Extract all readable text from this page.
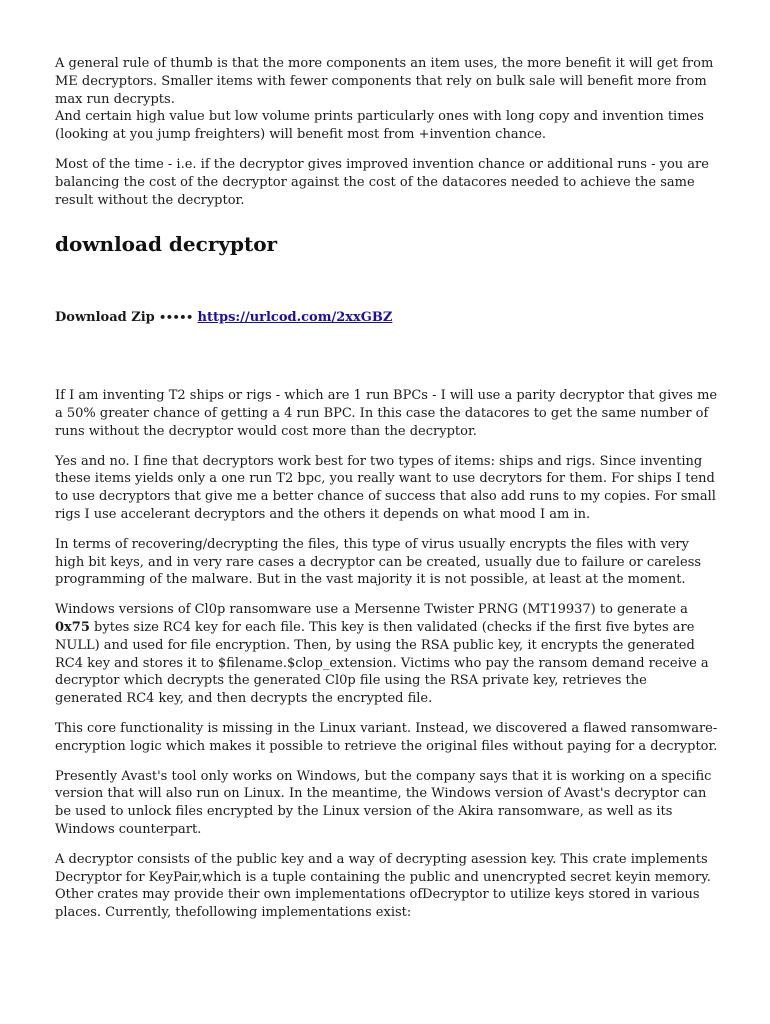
A general rule of thumb is that the more components an item uses, the more benefit it will get from ME decryptors. Smaller items with fewer components that rely on bulk sale will benefit more from max run decrypts.

And certain high value but low volume prints particularly ones with long copy and invention times (looking at you jump freighters) will benefit most from +invention chance.

Most of the time - i.e. if the decryptor gives improved invention chance or additional runs - you are balancing the cost of the decryptor against the cost of the datacores needed to achieve the same result without the decryptor.

download decryptor
Download Zip ∙∙∙∙∙ https://urlcod.com/2xxGBZ

If I am inventing T2 ships or rigs - which are 1 run BPCs - I will use a parity decryptor that gives me a 50% greater chance of getting a 4 run BPC. In this case the datacores to get the same number of runs without the decryptor would cost more than the decryptor.

Yes and no. I fine that decryptors work best for two types of items: ships and rigs. Since inventing these items yields only a one run T2 bpc, you really want to use decrytors for them. For ships I tend to use decryptors that give me a better chance of success that also add runs to my copies. For small rigs I use accelerant decryptors and the others it depends on what mood I am in.

In terms of recovering/decrypting the files, this type of virus usually encrypts the files with very high bit keys, and in very rare cases a decryptor can be created, usually due to failure or careless programming of the malware. But in the vast majority it is not possible, at least at the moment.

Windows versions of Cl0p ransomware use a Mersenne Twister PRNG (MT19937) to generate a 0x75 bytes size RC4 key for each file. This key is then validated (checks if the first five bytes are NULL) and used for file encryption. Then, by using the RSA public key, it encrypts the generated RC4 key and stores it to $filename.$clop_extension. Victims who pay the ransom demand receive a decryptor which decrypts the generated Cl0p file using the RSA private key, retrieves the generated RC4 key, and then decrypts the encrypted file.

This core functionality is missing in the Linux variant. Instead, we discovered a flawed ransomware-encryption logic which makes it possible to retrieve the original files without paying for a decryptor.

Presently Avast's tool only works on Windows, but the company says that it is working on a specific version that will also run on Linux. In the meantime, the Windows version of Avast's decryptor can be used to unlock files encrypted by the Linux version of the Akira ransomware, as well as its Windows counterpart.

A decryptor consists of the public key and a way of decrypting asession key. This crate implements Decryptor for KeyPair,which is a tuple containing the public and unencrypted secret keyin memory. Other crates may provide their own implementations ofDecryptor to utilize keys stored in various places. Currently, thefollowing implementations exist:
